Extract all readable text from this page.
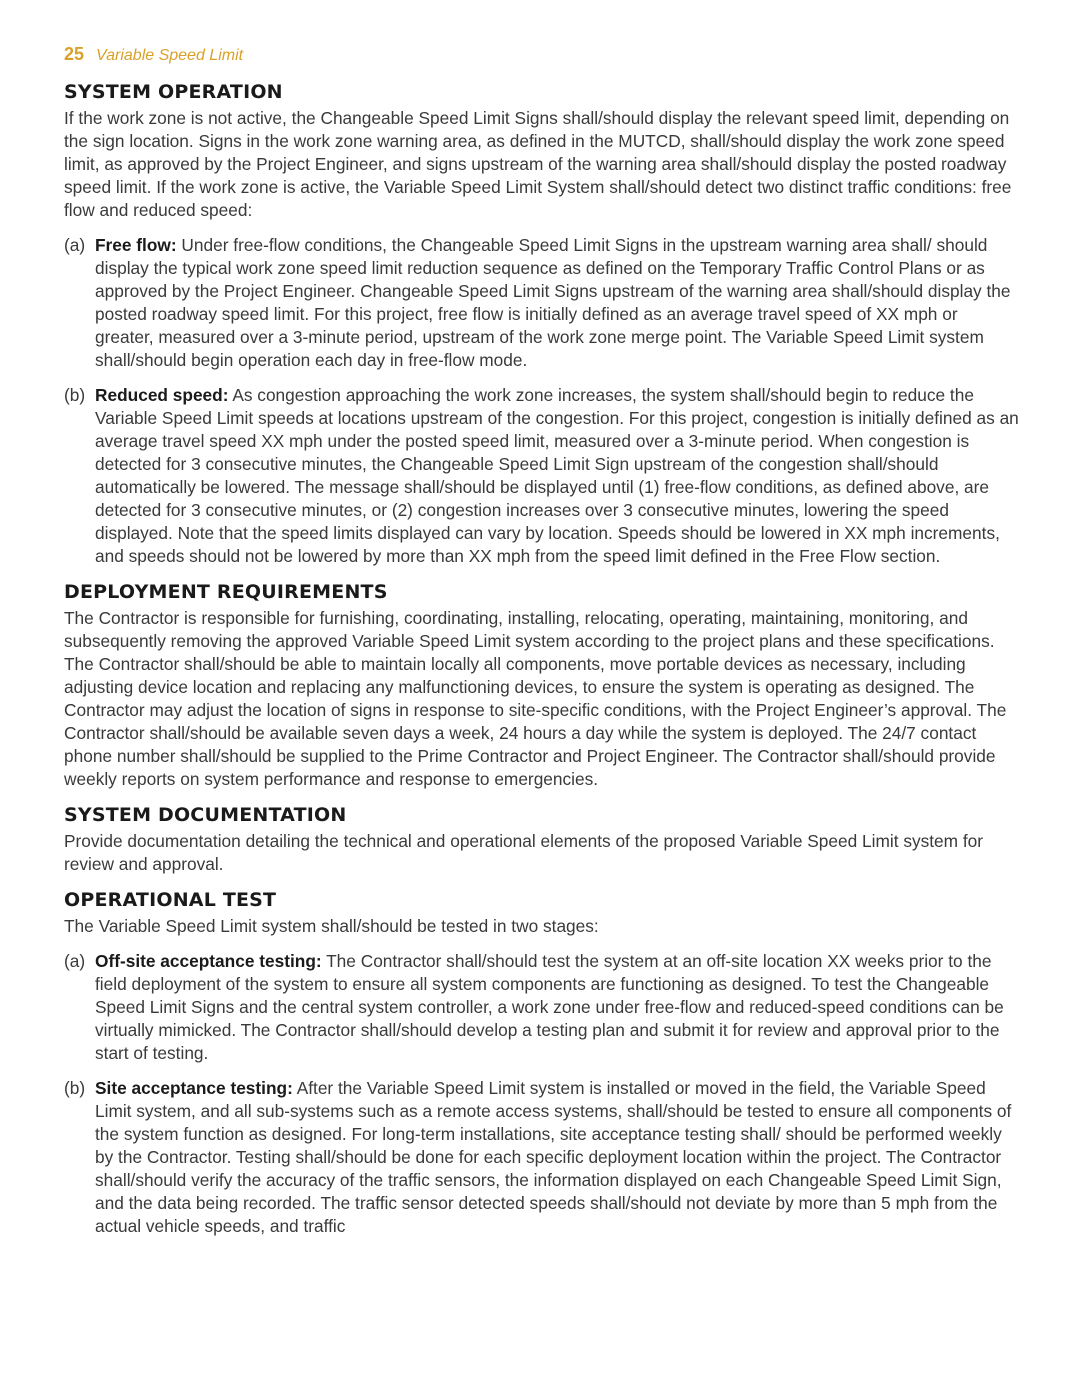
25 Variable Speed Limit
SYSTEM OPERATION

If the work zone is not active, the Changeable Speed Limit Signs shall/should display the relevant speed limit, depending on the sign location. Signs in the work zone warning area, as defined in the MUTCD, shall/should display the work zone speed limit, as approved by the Project Engineer, and signs upstream of the warning area shall/should display the posted roadway speed limit. If the work zone is active, the Variable Speed Limit System shall/should detect two distinct traffic conditions: free flow and reduced speed:

(a) Free flow: Under free-flow conditions, the Changeable Speed Limit Signs in the upstream warning area shall/ should display the typical work zone speed limit reduction sequence as defined on the Temporary Traffic Control Plans or as approved by the Project Engineer. Changeable Speed Limit Signs upstream of the warning area shall/should display the posted roadway speed limit. For this project, free flow is initially defined as an average travel speed of XX mph or greater, measured over a 3-minute period, upstream of the work zone merge point. The Variable Speed Limit system shall/should begin operation each day in free-flow mode.
(b) Reduced speed: As congestion approaching the work zone increases, the system shall/should begin to reduce the Variable Speed Limit speeds at locations upstream of the congestion. For this project, congestion is initially defined as an average travel speed XX mph under the posted speed limit, measured over a 3-minute period. When congestion is detected for 3 consecutive minutes, the Changeable Speed Limit Sign upstream of the congestion shall/should automatically be lowered. The message shall/should be displayed until (1) free-flow conditions, as defined above, are detected for 3 consecutive minutes, or (2) congestion increases over 3 consecutive minutes, lowering the speed displayed. Note that the speed limits displayed can vary by location. Speeds should be lowered in XX mph increments, and speeds should not be lowered by more than XX mph from the speed limit defined in the Free Flow section.
DEPLOYMENT REQUIREMENTS

The Contractor is responsible for furnishing, coordinating, installing, relocating, operating, maintaining, monitoring, and subsequently removing the approved Variable Speed Limit system according to the project plans and these specifications. The Contractor shall/should be able to maintain locally all components, move portable devices as necessary, including adjusting device location and replacing any malfunctioning devices, to ensure the system is operating as designed. The Contractor may adjust the location of signs in response to site-specific conditions, with the Project Engineer’s approval. The Contractor shall/should be available seven days a week, 24 hours a day while the system is deployed. The 24/7 contact phone number shall/should be supplied to the Prime Contractor and Project Engineer. The Contractor shall/should provide weekly reports on system performance and response to emergencies.

SYSTEM DOCUMENTATION

Provide documentation detailing the technical and operational elements of the proposed Variable Speed Limit system for review and approval.

OPERATIONAL TEST

The Variable Speed Limit system shall/should be tested in two stages:

(a) Off-site acceptance testing: The Contractor shall/should test the system at an off-site location XX weeks prior to the field deployment of the system to ensure all system components are functioning as designed. To test the Changeable Speed Limit Signs and the central system controller, a work zone under free-flow and reduced-speed conditions can be virtually mimicked. The Contractor shall/should develop a testing plan and submit it for review and approval prior to the start of testing.
(b) Site acceptance testing: After the Variable Speed Limit system is installed or moved in the field, the Variable Speed Limit system, and all sub-systems such as a remote access systems, shall/should be tested to ensure all components of the system function as designed. For long-term installations, site acceptance testing shall/ should be performed weekly by the Contractor. Testing shall/should be done for each specific deployment location within the project. The Contractor shall/should verify the accuracy of the traffic sensors, the information displayed on each Changeable Speed Limit Sign, and the data being recorded. The traffic sensor detected speeds shall/should not deviate by more than 5 mph from the actual vehicle speeds, and traffic
